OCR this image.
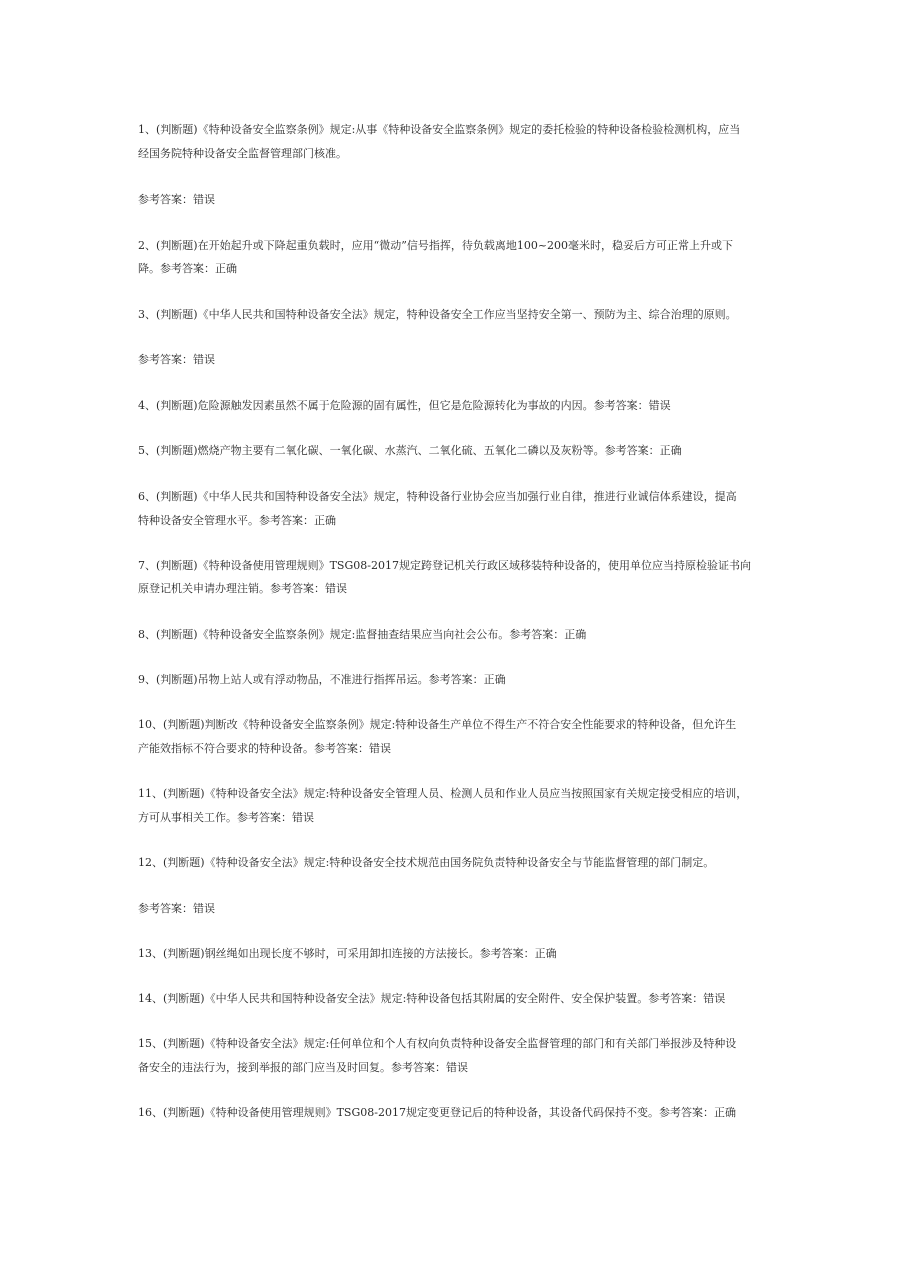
1、(判断题)《特种设备安全监察条例》规定:从事《特种设备安全监察条例》规定的委托检验的特种设备检验检测机构，应当
经国务院特种设备安全监督管理部门核准。
参考答案：错误
2、(判断题)在开始起升或下降起重负载时，应用“微动”信号指挥，待负载离地100~200毫米时，稳妥后方可正常上升或下
降。参考答案：正确
3、(判断题)《中华人民共和国特种设备安全法》规定，特种设备安全工作应当坚持安全第一、预防为主、综合治理的原则。
参考答案：错误
4、(判断题)危险源触发因素虽然不属于危险源的固有属性，但它是危险源转化为事故的内因。参考答案：错误
5、(判断题)燃烧产物主要有二氧化碳、一氧化碳、水蒸汽、二氧化硫、五氧化二磷以及灰粉等。参考答案：正确
6、(判断题)《中华人民共和国特种设备安全法》规定，特种设备行业协会应当加强行业自律，推进行业诚信体系建设，提高
特种设备安全管理水平。参考答案：正确
7、(判断题)《特种设备使用管理规则》TSG08-2017规定跨登记机关行政区域移装特种设备的，使用单位应当持原检验证书向
原登记机关申请办理注销。参考答案：错误
8、(判断题)《特种设备安全监察条例》规定:监督抽查结果应当向社会公布。参考答案：正确
9、(判断题)吊物上站人或有浮动物品，不准进行指挥吊运。参考答案：正确
10、(判断题)判断改《特种设备安全监察条例》规定:特种设备生产单位不得生产不符合安全性能要求的特种设备，但允许生
产能效指标不符合要求的特种设备。参考答案：错误
11、(判断题)《特种设备安全法》规定:特种设备安全管理人员、检测人员和作业人员应当按照国家有关规定接受相应的培训，
方可从事相关工作。参考答案：错误
12、(判断题)《特种设备安全法》规定:特种设备安全技术规范由国务院负责特种设备安全与节能监督管理的部门制定。
参考答案：错误
13、(判断题)钢丝绳如出现长度不够时，可采用卸扣连接的方法接长。参考答案：正确
14、(判断题)《中华人民共和国特种设备安全法》规定:特种设备包括其附属的安全附件、安全保护装置。参考答案：错误
15、(判断题)《特种设备安全法》规定:任何单位和个人有权向负责特种设备安全监督管理的部门和有关部门举报涉及特种设
备安全的违法行为，接到举报的部门应当及时回复。参考答案：错误
16、(判断题)《特种设备使用管理规则》TSG08-2017规定变更登记后的特种设备，其设备代码保持不变。参考答案：正确
